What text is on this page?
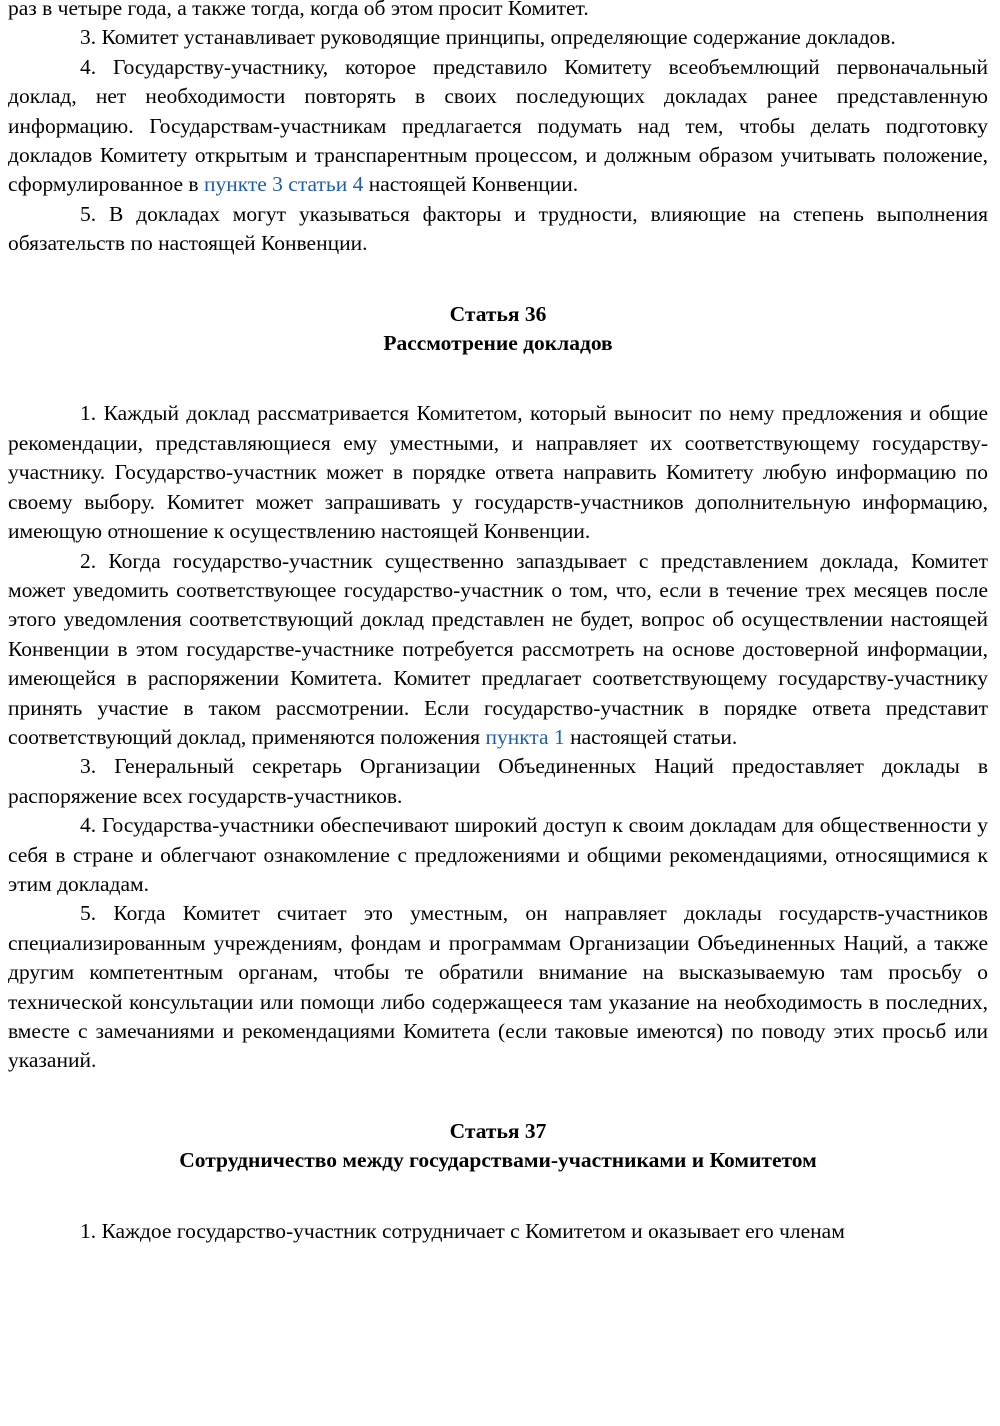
раз в четыре года, а также тогда, когда об этом просит Комитет.

3. Комитет устанавливает руководящие принципы, определяющие содержание докладов.

4. Государству-участнику, которое представило Комитету всеобъемлющий первоначальный доклад, нет необходимости повторять в своих последующих докладах ранее представленную информацию. Государствам-участникам предлагается подумать над тем, чтобы делать подготовку докладов Комитету открытым и транспарентным процессом, и должным образом учитывать положение, сформулированное в пункте 3 статьи 4 настоящей Конвенции.

5. В докладах могут указываться факторы и трудности, влияющие на степень выполнения обязательств по настоящей Конвенции.

Статья 36

Рассмотрение докладов

1. Каждый доклад рассматривается Комитетом, который выносит по нему предложения и общие рекомендации, представляющиеся ему уместными, и направляет их соответствующему государству-участнику. Государство-участник может в порядке ответа направить Комитету любую информацию по своему выбору. Комитет может запрашивать у государств-участников дополнительную информацию, имеющую отношение к осуществлению настоящей Конвенции.

2. Когда государство-участник существенно запаздывает с представлением доклада, Комитет может уведомить соответствующее государство-участник о том, что, если в течение трех месяцев после этого уведомления соответствующий доклад представлен не будет, вопрос об осуществлении настоящей Конвенции в этом государстве-участнике потребуется рассмотреть на основе достоверной информации, имеющейся в распоряжении Комитета. Комитет предлагает соответствующему государству-участнику принять участие в таком рассмотрении. Если государство-участник в порядке ответа представит соответствующий доклад, применяются положения пункта 1 настоящей статьи.

3. Генеральный секретарь Организации Объединенных Наций предоставляет доклады в распоряжение всех государств-участников.

4. Государства-участники обеспечивают широкий доступ к своим докладам для общественности у себя в стране и облегчают ознакомление с предложениями и общими рекомендациями, относящимися к этим докладам.

5. Когда Комитет считает это уместным, он направляет доклады государств-участников специализированным учреждениям, фондам и программам Организации Объединенных Наций, а также другим компетентным органам, чтобы те обратили внимание на высказываемую там просьбу о технической консультации или помощи либо содержащееся там указание на необходимость в последних, вместе с замечаниями и рекомендациями Комитета (если таковые имеются) по поводу этих просьб или указаний.

Статья 37

Сотрудничество между государствами-участниками и Комитетом

1. Каждое государство-участник сотрудничает с Комитетом и оказывает его членам
